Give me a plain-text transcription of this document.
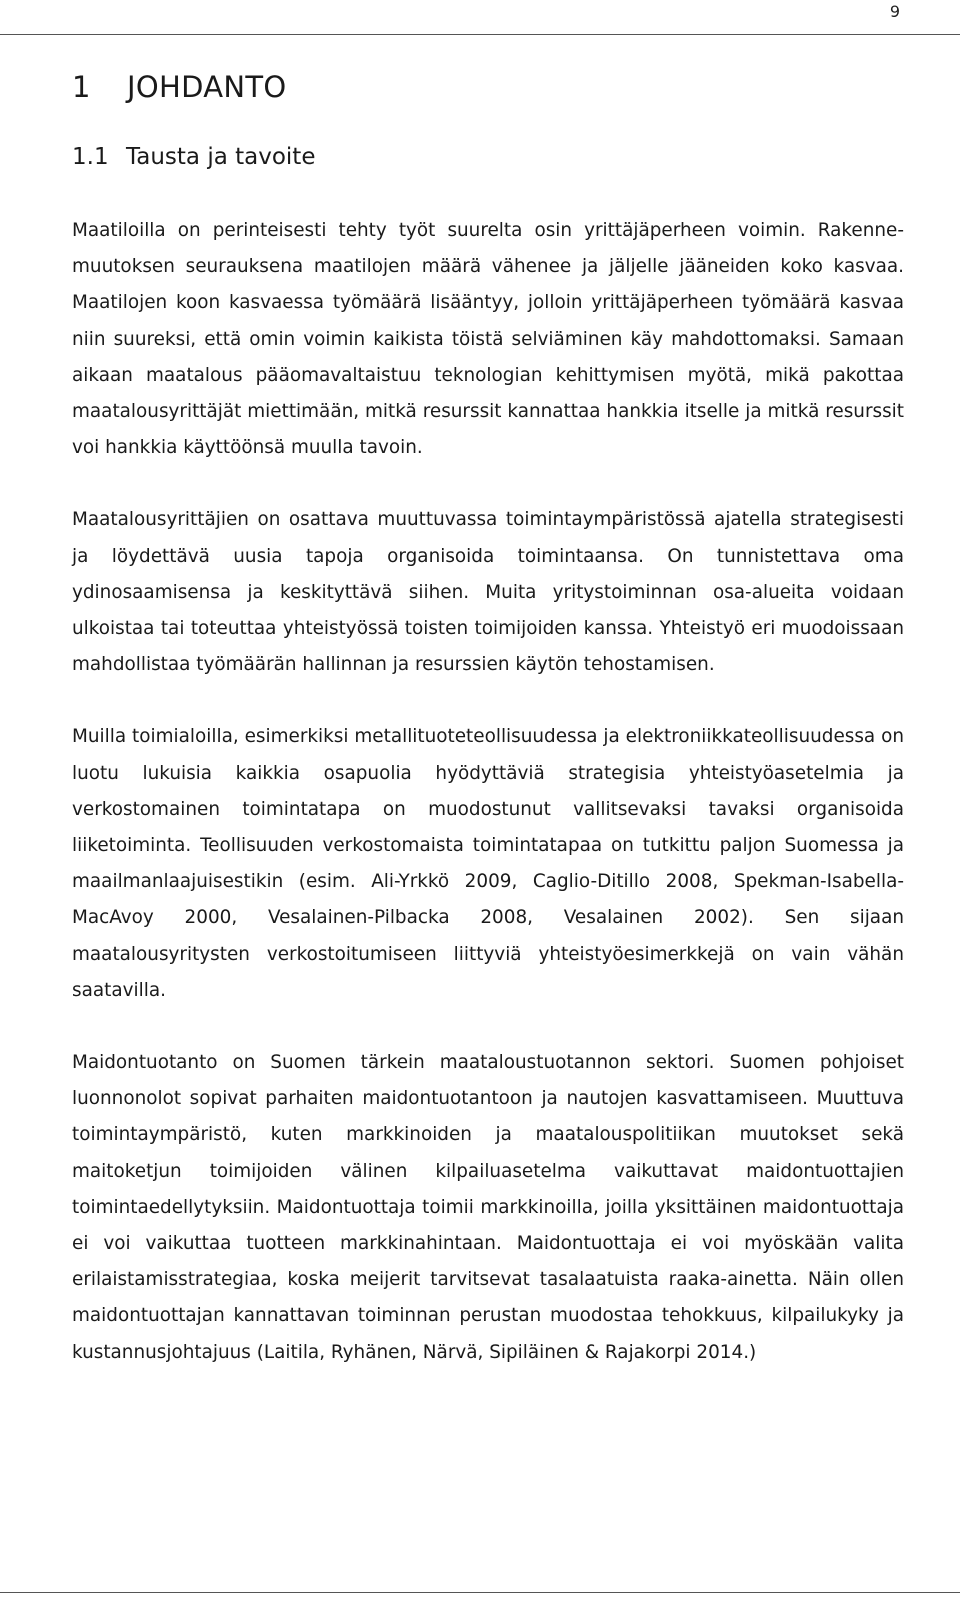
9
1 JOHDANTO
1.1 Tausta ja tavoite

Maatiloilla on perinteisesti tehty työt suurelta osin yrittäjäperheen voimin. Rakennemuutoksen seurauksena maatilojen määrä vähenee ja jäljelle jääneiden koko kasvaa. Maatilojen koon kasvaessa työmäärä lisääntyy, jolloin yrittäjäperheen työmäärä kasvaa niin suureksi, että omin voimin kaikista töistä selviäminen käy mahdottomaksi. Samaan aikaan maatalous pääomavaltaistuu teknologian kehittymisen myötä, mikä pakottaa maatalousyrittäjät miettimään, mitkä resurssit kannattaa hankkia itselle ja mitkä resurssit voi hankkia käyttöönsä muulla tavoin.

Maatalousyrittäjien on osattava muuttuvassa toimintaympäristössä ajatella strategisesti ja löydettävä uusia tapoja organisoida toimintaansa. On tunnistettava oma ydinosaamisensa ja keskityttävä siihen. Muita yritystoiminnan osa-alueita voidaan ulkoistaa tai toteuttaa yhteistyössä toisten toimijoiden kanssa. Yhteistyö eri muodoissaan mahdollistaa työmäärän hallinnan ja resurssien käytön tehostamisen.

Muilla toimialoilla, esimerkiksi metallituoteteollisuudessa ja elektroniikkateollisuudessa on luotu lukuisia kaikkia osapuolia hyödyttäviä strategisia yhteistyöasetelmia ja verkostomainen toimintatapa on muodostunut vallitsevaksi tavaksi organisoida liiketoiminta. Teollisuuden verkostomaista toimintatapaa on tutkittu paljon Suomessa ja maailmanlaajuisestikin (esim. Ali-Yrkkö 2009, Caglio-Ditillo 2008, Spekman-Isabella-MacAvoy 2000, Vesalainen-Pilbacka 2008, Vesalainen 2002). Sen sijaan maatalousyritysten verkostoitumiseen liittyviä yhteistyöesimerkkejä on vain vähän saatavilla.

Maidontuotanto on Suomen tärkein maataloustuotannon sektori. Suomen pohjoiset luonnonolot sopivat parhaiten maidontuotantoon ja nautojen kasvattamiseen. Muuttuva toimintaympäristö, kuten markkinoiden ja maatalouspolitiikan muutokset sekä maitoketjun toimijoiden välinen kilpailuasetelma vaikuttavat maidontuottajien toimintaedellytyksiin. Maidontuottaja toimii markkinoilla, joilla yksittäinen maidontuottaja ei voi vaikuttaa tuotteen markkinahintaan. Maidontuottaja ei voi myöskään valita erilaistamisstrategiaa, koska meijerit tarvitsevat tasalaatuista raaka-ainetta. Näin ollen maidontuottajan kannattavan toiminnan perustan muodostaa tehokkuus, kilpailukyky ja kustannusjohtajuus (Laitila, Ryhänen, Närvä, Sipiläinen & Rajakorpi 2014.)
